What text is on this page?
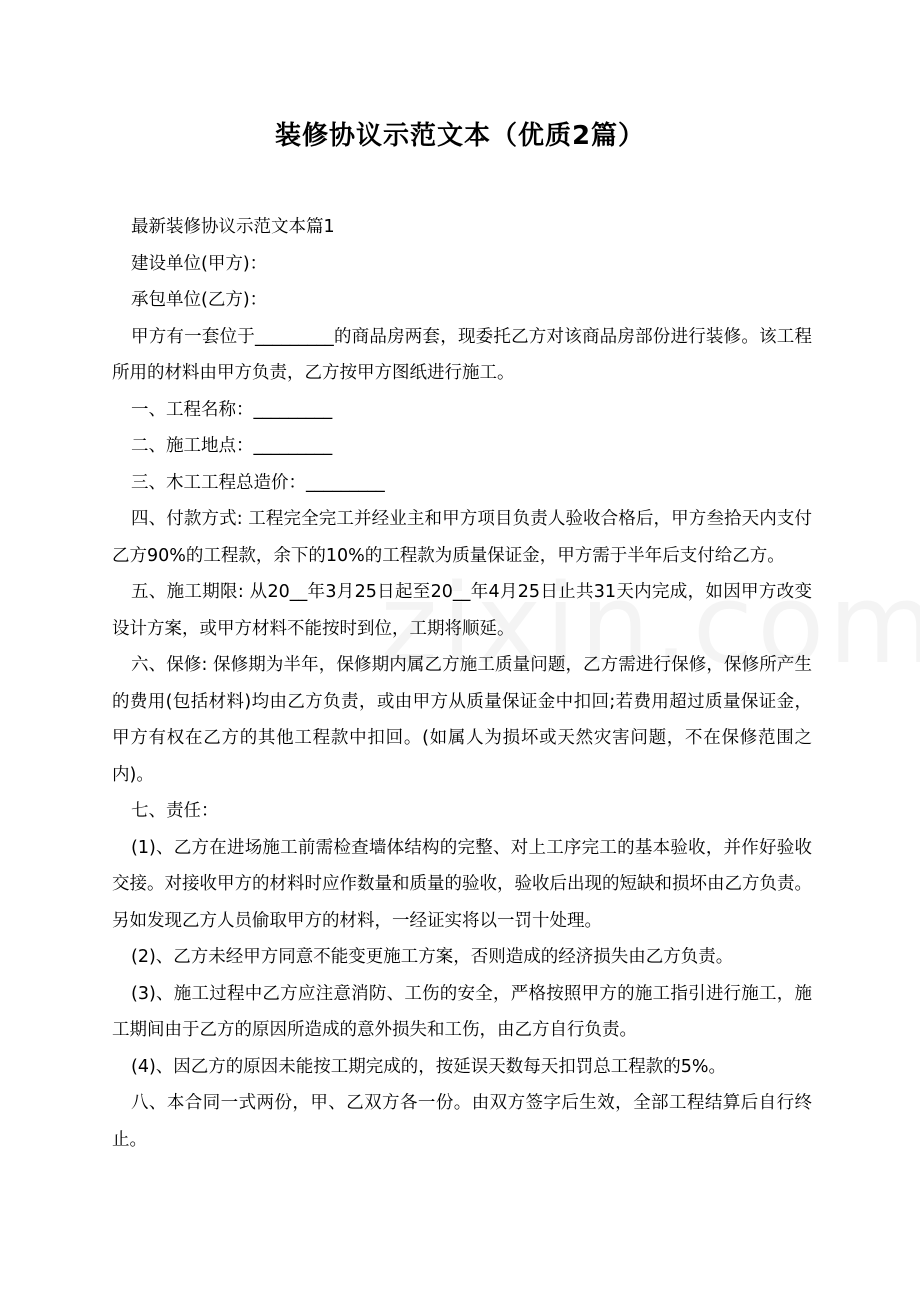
装修协议示范文本（优质2篇）

最新装修协议示范文本篇1

建设单位(甲方)：

承包单位(乙方)：

甲方有一套位于_________的商品房两套，现委托乙方对该商品房部份进行装修。该工程所用的材料由甲方负责，乙方按甲方图纸进行施工。

一、工程名称：_________

二、施工地点：_________

三、木工工程总造价：_________

四、付款方式: 工程完全完工并经业主和甲方项目负责人验收合格后，甲方叁拾天内支付乙方90%的工程款，余下的10%的工程款为质量保证金，甲方需于半年后支付给乙方。

五、施工期限: 从20__年3月25日起至20__年4月25日止共31天内完成，如因甲方改变设计方案，或甲方材料不能按时到位，工期将顺延。

六、保修: 保修期为半年，保修期内属乙方施工质量问题，乙方需进行保修，保修所产生的费用(包括材料)均由乙方负责，或由甲方从质量保证金中扣回;若费用超过质量保证金，甲方有权在乙方的其他工程款中扣回。(如属人为损坏或天然灾害问题，不在保修范围之内)。

七、责任：

(1)、乙方在进场施工前需检查墙体结构的完整、对上工序完工的基本验收，并作好验收交接。对接收甲方的材料时应作数量和质量的验收，验收后出现的短缺和损坏由乙方负责。另如发现乙方人员偷取甲方的材料，一经证实将以一罚十处理。

(2)、乙方未经甲方同意不能变更施工方案，否则造成的经济损失由乙方负责。

(3)、施工过程中乙方应注意消防、工伤的安全，严格按照甲方的施工指引进行施工，施工期间由于乙方的原因所造成的意外损失和工伤，由乙方自行负责。

(4)、因乙方的原因未能按工期完成的，按延误天数每天扣罚总工程款的5%。

八、本合同一式两份，甲、乙双方各一份。由双方签字后生效，全部工程结算后自行终止。
